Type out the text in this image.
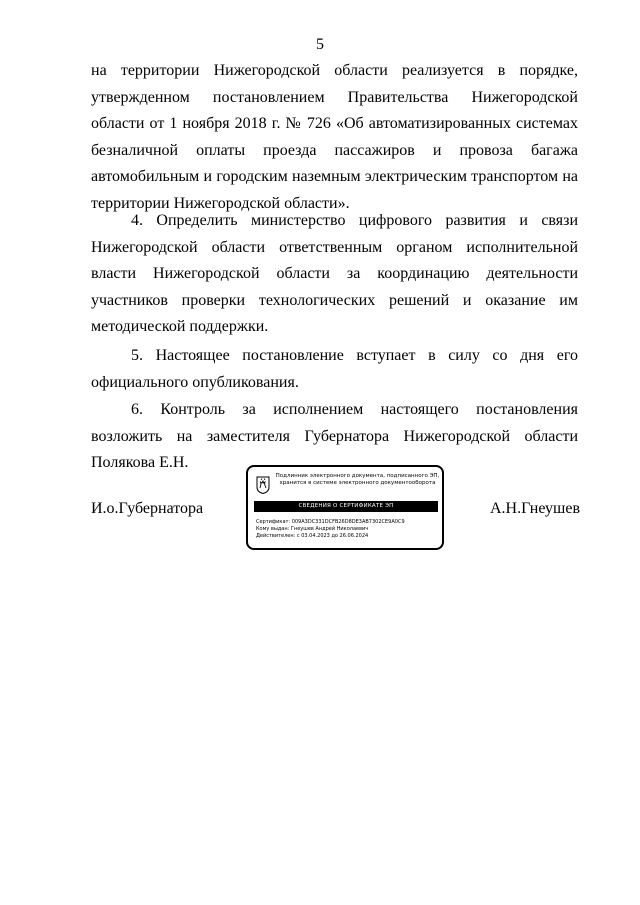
5

на территории Нижегородской области реализуется в порядке, утвержденном постановлением Правительства Нижегородской области от 1 ноября 2018 г. № 726 «Об автоматизированных системах безналичной оплаты проезда пассажиров и провоза багажа автомобильным и городским наземным электрическим транспортом на территории Нижегородской области».

4. Определить министерство цифрового развития и связи Нижегородской области ответственным органом исполнительной власти Нижегородской области за координацию деятельности участников проверки технологических решений и оказание им методической поддержки.

5. Настоящее постановление вступает в силу со дня его официального опубликования.

6. Контроль за исполнением настоящего постановления возложить на заместителя Губернатора Нижегородской области Полякова Е.Н.

И.о.Губернатора
Подлинник электронного документа, подписанного ЭП,
хранится в системе электронного документооборота
СВЕДЕНИЯ О СЕРТИФИКАТЕ ЭП
Сертификат: 009A3DC331DCFB26D8DE3AB7302CE9A0C9
Кому выдан: Гнеушев Андрей Николаевич
Действителен: с 03.04.2023 до 26.06.2024
А.Н.Гнеушев
